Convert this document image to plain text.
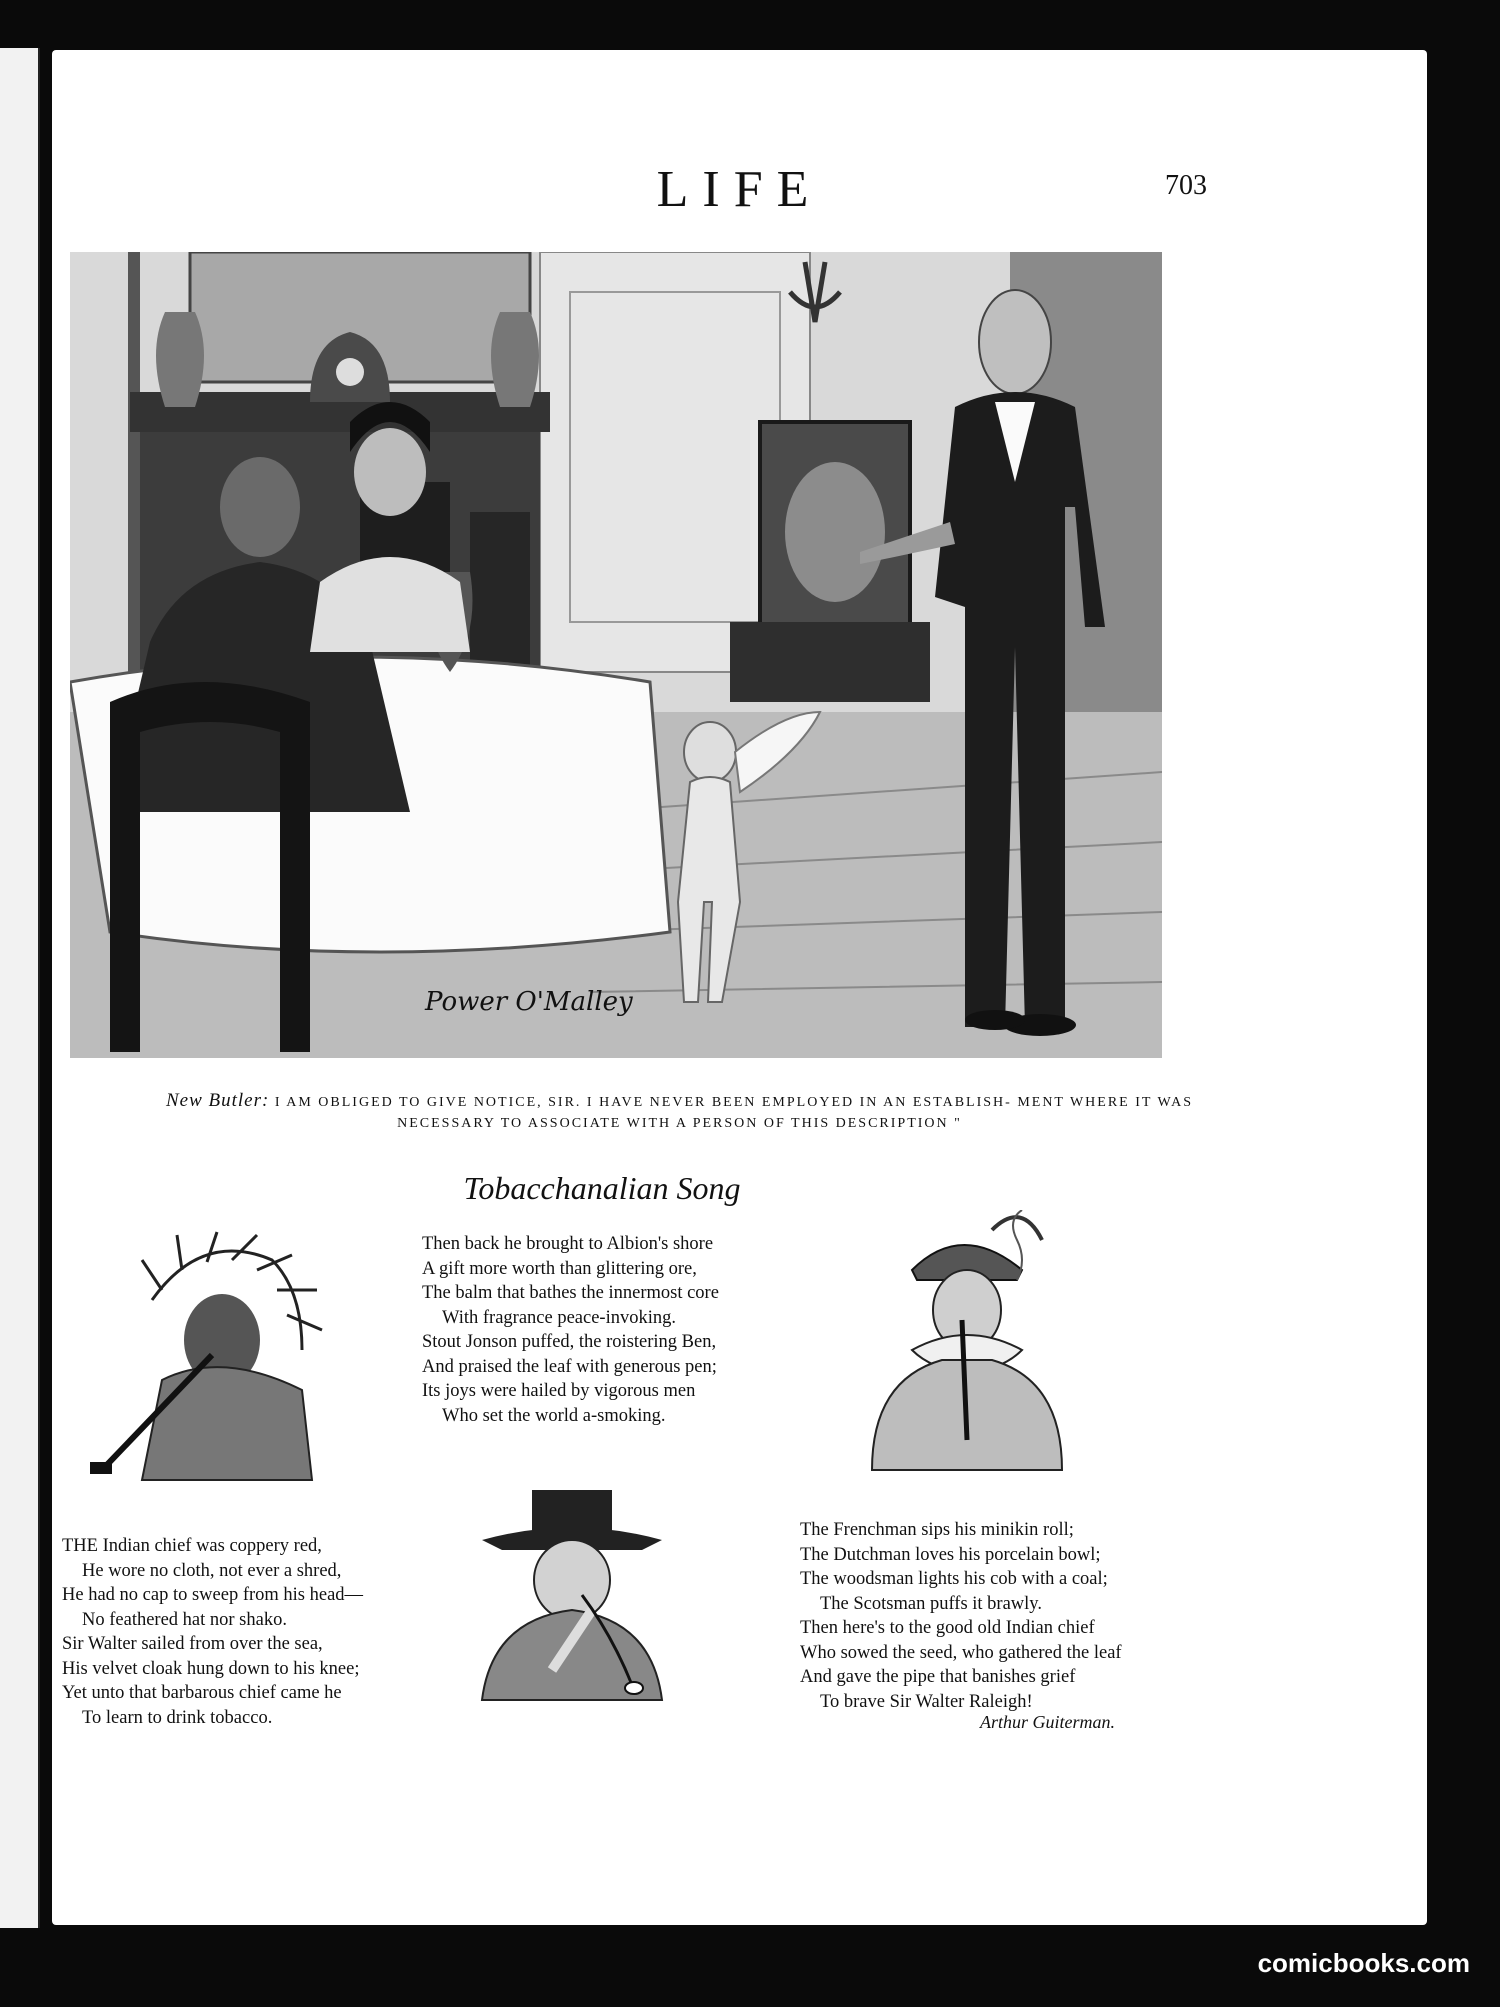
LIFE	703
Power O'Malley
New Butler: I AM OBLIGED TO GIVE NOTICE, SIR. I HAVE NEVER BEEN EMPLOYED IN AN ESTABLISH- MENT WHERE IT WAS NECESSARY TO ASSOCIATE WITH A PERSON OF THIS DESCRIPTION "
Tobacchanalian Song
Then back he brought to Albion's shore
A gift more worth than glittering ore,
The balm that bathes the innermost core
With fragrance peace-invoking.
Stout Jonson puffed, the roistering Ben,
And praised the leaf with generous pen;
Its joys were hailed by vigorous men
Who set the world a-smoking.
THE Indian chief was coppery red,
He wore no cloth, not ever a shred,
He had no cap to sweep from his head—
No feathered hat nor shako.
Sir Walter sailed from over the sea,
His velvet cloak hung down to his knee;
Yet unto that barbarous chief came he
To learn to drink tobacco.
The Frenchman sips his minikin roll;
The Dutchman loves his porcelain bowl;
The woodsman lights his cob with a coal;
The Scotsman puffs it brawly.
Then here's to the good old Indian chief
Who sowed the seed, who gathered the leaf
And gave the pipe that banishes grief
To brave Sir Walter Raleigh!
Arthur Guiterman.
comicbooks.com
